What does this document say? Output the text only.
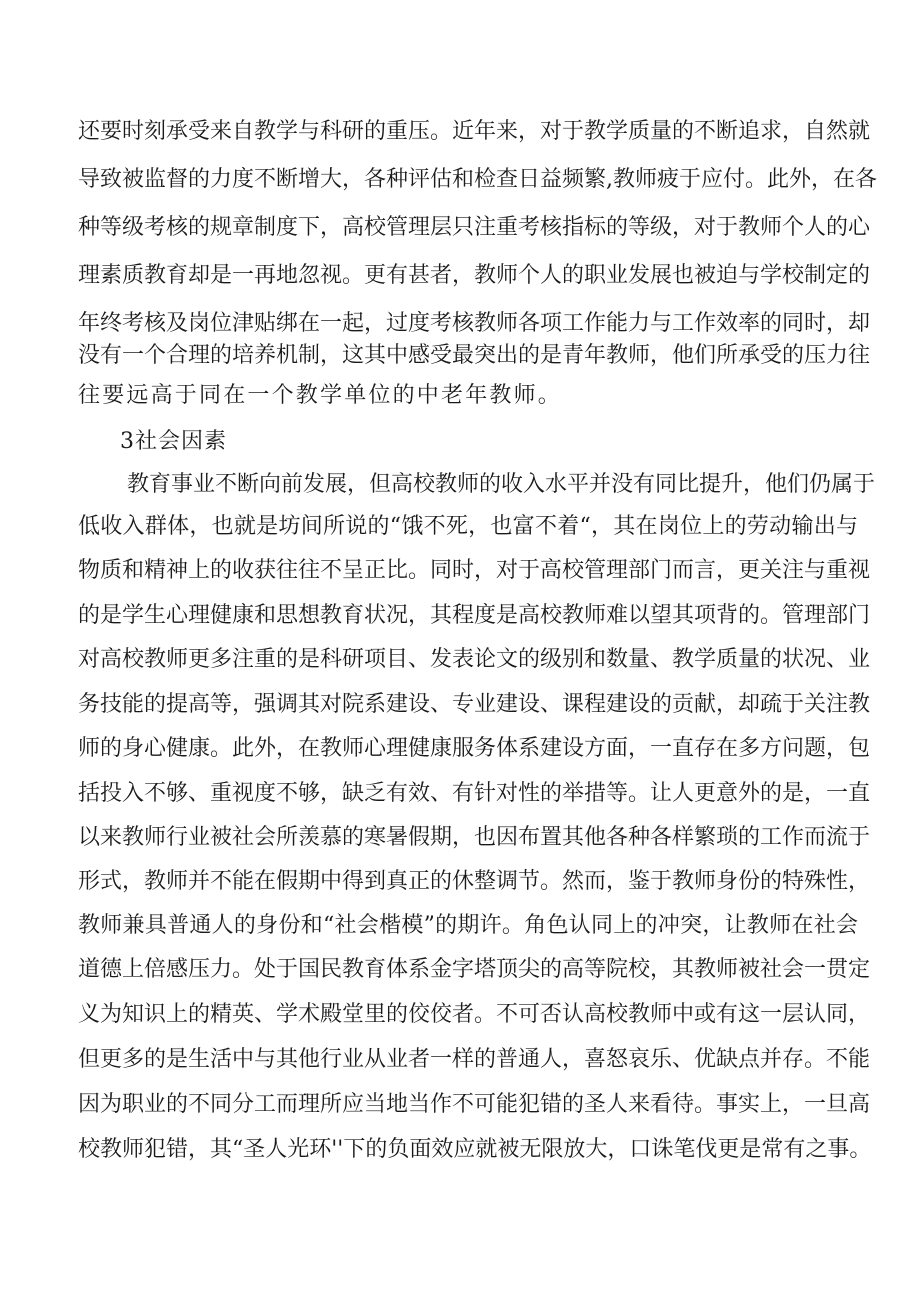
还要时刻承受来自教学与科研的重压。近年来，对于教学质量的不断追求，自然就
导致被监督的力度不断增大，各种评估和检查日益频繁,教师疲于应付。此外，在各
种等级考核的规章制度下，高校管理层只注重考核指标的等级，对于教师个人的心
理素质教育却是一再地忽视。更有甚者，教师个人的职业发展也被迫与学校制定的
年终考核及岗位津贴绑在一起，过度考核教师各项工作能力与工作效率的同时，却
没有一个合理的培养机制，这其中感受最突出的是青年教师，他们所承受的压力往
往要远高于同在一个教学单位的中老年教师。
3社会因素
教育事业不断向前发展，但高校教师的收入水平并没有同比提升，他们仍属于
低收入群体，也就是坊间所说的“饿不死，也富不着“，其在岗位上的劳动输出与
物质和精神上的收获往往不呈正比。同时，对于高校管理部门而言，更关注与重视
的是学生心理健康和思想教育状况，其程度是高校教师难以望其项背的。管理部门
对高校教师更多注重的是科研项目、发表论文的级别和数量、教学质量的状况、业
务技能的提高等，强调其对院系建设、专业建设、课程建设的贡献，却疏于关注教
师的身心健康。此外，在教师心理健康服务体系建设方面，一直存在多方问题，包
括投入不够、重视度不够，缺乏有效、有针对性的举措等。让人更意外的是，一直
以来教师行业被社会所羡慕的寒暑假期，也因布置其他各种各样繁琐的工作而流于
形式，教师并不能在假期中得到真正的休整调节。然而，鉴于教师身份的特殊性，
教师兼具普通人的身份和“社会楷模”的期许。角色认同上的冲突，让教师在社会
道德上倍感压力。处于国民教育体系金字塔顶尖的高等院校，其教师被社会一贯定
义为知识上的精英、学术殿堂里的佼佼者。不可否认高校教师中或有这一层认同，
但更多的是生活中与其他行业从业者一样的普通人，喜怒哀乐、优缺点并存。不能
因为职业的不同分工而理所应当地当作不可能犯错的圣人来看待。事实上，一旦高
校教师犯错，其“圣人光环''下的负面效应就被无限放大，口诛笔伐更是常有之事。
